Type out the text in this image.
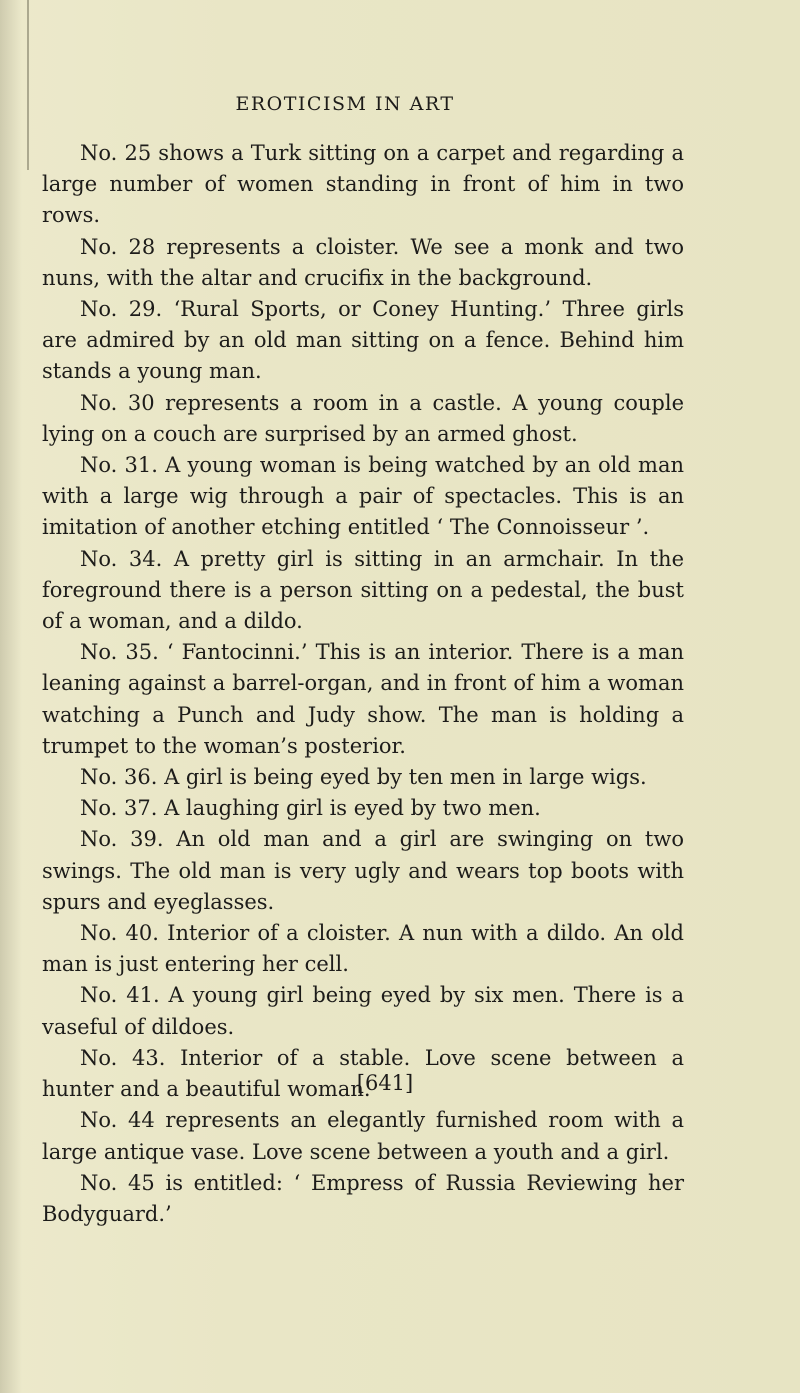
EROTICISM IN ART

No. 25 shows a Turk sitting on a carpet and regarding a large number of women standing in front of him in two rows.

No. 28 represents a cloister. We see a monk and two nuns, with the altar and crucifix in the background.

No. 29. ‘Rural Sports, or Coney Hunting.’ Three girls are admired by an old man sitting on a fence. Behind him stands a young man.

No. 30 represents a room in a castle. A young couple lying on a couch are surprised by an armed ghost.

No. 31. A young woman is being watched by an old man with a large wig through a pair of spectacles. This is an imitation of another etching entitled ‘ The Connoisseur ’.

No. 34. A pretty girl is sitting in an armchair. In the foreground there is a person sitting on a pedestal, the bust of a woman, and a dildo.

No. 35. ‘ Fantocinni.’ This is an interior. There is a man leaning against a barrel-organ, and in front of him a woman watching a Punch and Judy show. The man is holding a trumpet to the woman’s posterior.

No. 36. A girl is being eyed by ten men in large wigs.

No. 37. A laughing girl is eyed by two men.

No. 39. An old man and a girl are swinging on two swings. The old man is very ugly and wears top boots with spurs and eyeglasses.

No. 40. Interior of a cloister. A nun with a dildo. An old man is just entering her cell.

No. 41. A young girl being eyed by six men. There is a vaseful of dildoes.

No. 43. Interior of a stable. Love scene between a hunter and a beautiful woman.

No. 44 represents an elegantly furnished room with a large antique vase. Love scene between a youth and a girl.

No. 45 is entitled: ‘ Empress of Russia Reviewing her Bodyguard.’

[641]
